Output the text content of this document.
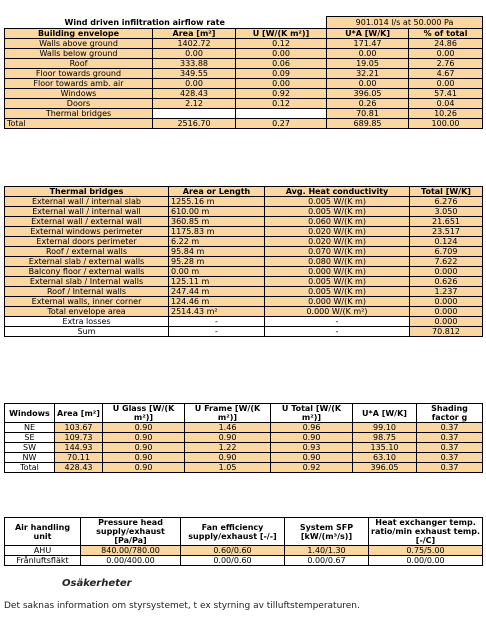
Wind driven infiltration airflow rate			901.014 l/s at 50.000 Pa	
Building envelope	Area [m²]	U [W/(K m²)]	U*A [W/K]	% of total
Walls above ground	1402.72	0.12	171.47	24.86
Walls below ground	0.00	0.00	0.00	0.00
Roof	333.88	0.06	19.05	2.76
Floor towards ground	349.55	0.09	32.21	4.67
Floor towards amb. air	0.00	0.00	0.00	0.00
Windows	428.43	0.92	396.05	57.41
Doors	2.12	0.12	0.26	0.04
Thermal bridges			70.81	10.26
Total	2516.70	0.27	689.85	100.00
Thermal bridges	Area or Length	Avg. Heat conductivity	Total [W/K]
External wall / internal slab	1255.16 m	0.005 W/(K m)	6.276
External wall / internal wall	610.00 m	0.005 W/(K m)	3.050
External wall / external wall	360.85 m	0.060 W/(K m)	21.651
External windows perimeter	1175.83 m	0.020 W/(K m)	23.517
External doors perimeter	6.22 m	0.020 W/(K m)	0.124
Roof / external walls	95.84 m	0.070 W/(K m)	6.709
External slab / external walls	95.28 m	0.080 W/(K m)	7.622
Balcony floor / external walls	0.00 m	0.000 W/(K m)	0.000
External slab / Internal walls	125.11 m	0.005 W/(K m)	0.626
Roof / Internal walls	247.44 m	0.005 W/(K m)	1.237
External walls, inner corner	124.46 m	0.000 W/(K m)	0.000
Total envelope area	2514.43 m²	0.000 W/(K m²)	0.000
Extra losses	-	-	0.000
Sum	-	-	70.812
Windows	Area [m²]	U Glass [W/(K m²)]	U Frame [W/(K m²)]	U Total [W/(K m²)]	U*A [W/K]	Shading factor g
NE	103.67	0.90	1.46	0.96	99.10	0.37
SE	109.73	0.90	0.90	0.90	98.75	0.37
SW	144.93	0.90	1.22	0.93	135.10	0.37
NW	70.11	0.90	0.90	0.90	63.10	0.37
Total	428.43	0.90	1.05	0.92	396.05	0.37
Air handling unit	Pressure head supply/exhaust [Pa/Pa]	Fan efficiency supply/exhaust [-/-]	System SFP [kW/(m³/s)]	Heat exchanger temp. ratio/min exhaust temp. [-/C]
AHU	840.00/780.00	0.60/0.60	1.40/1.30	0.75/5.00
Frånluftsfläkt	0.00/400.00	0.00/0.60	0.00/0.67	0.00/0.00
Osäkerheter
Det saknas information om styrsystemet, t ex styrning av tilluftstemperaturen.
